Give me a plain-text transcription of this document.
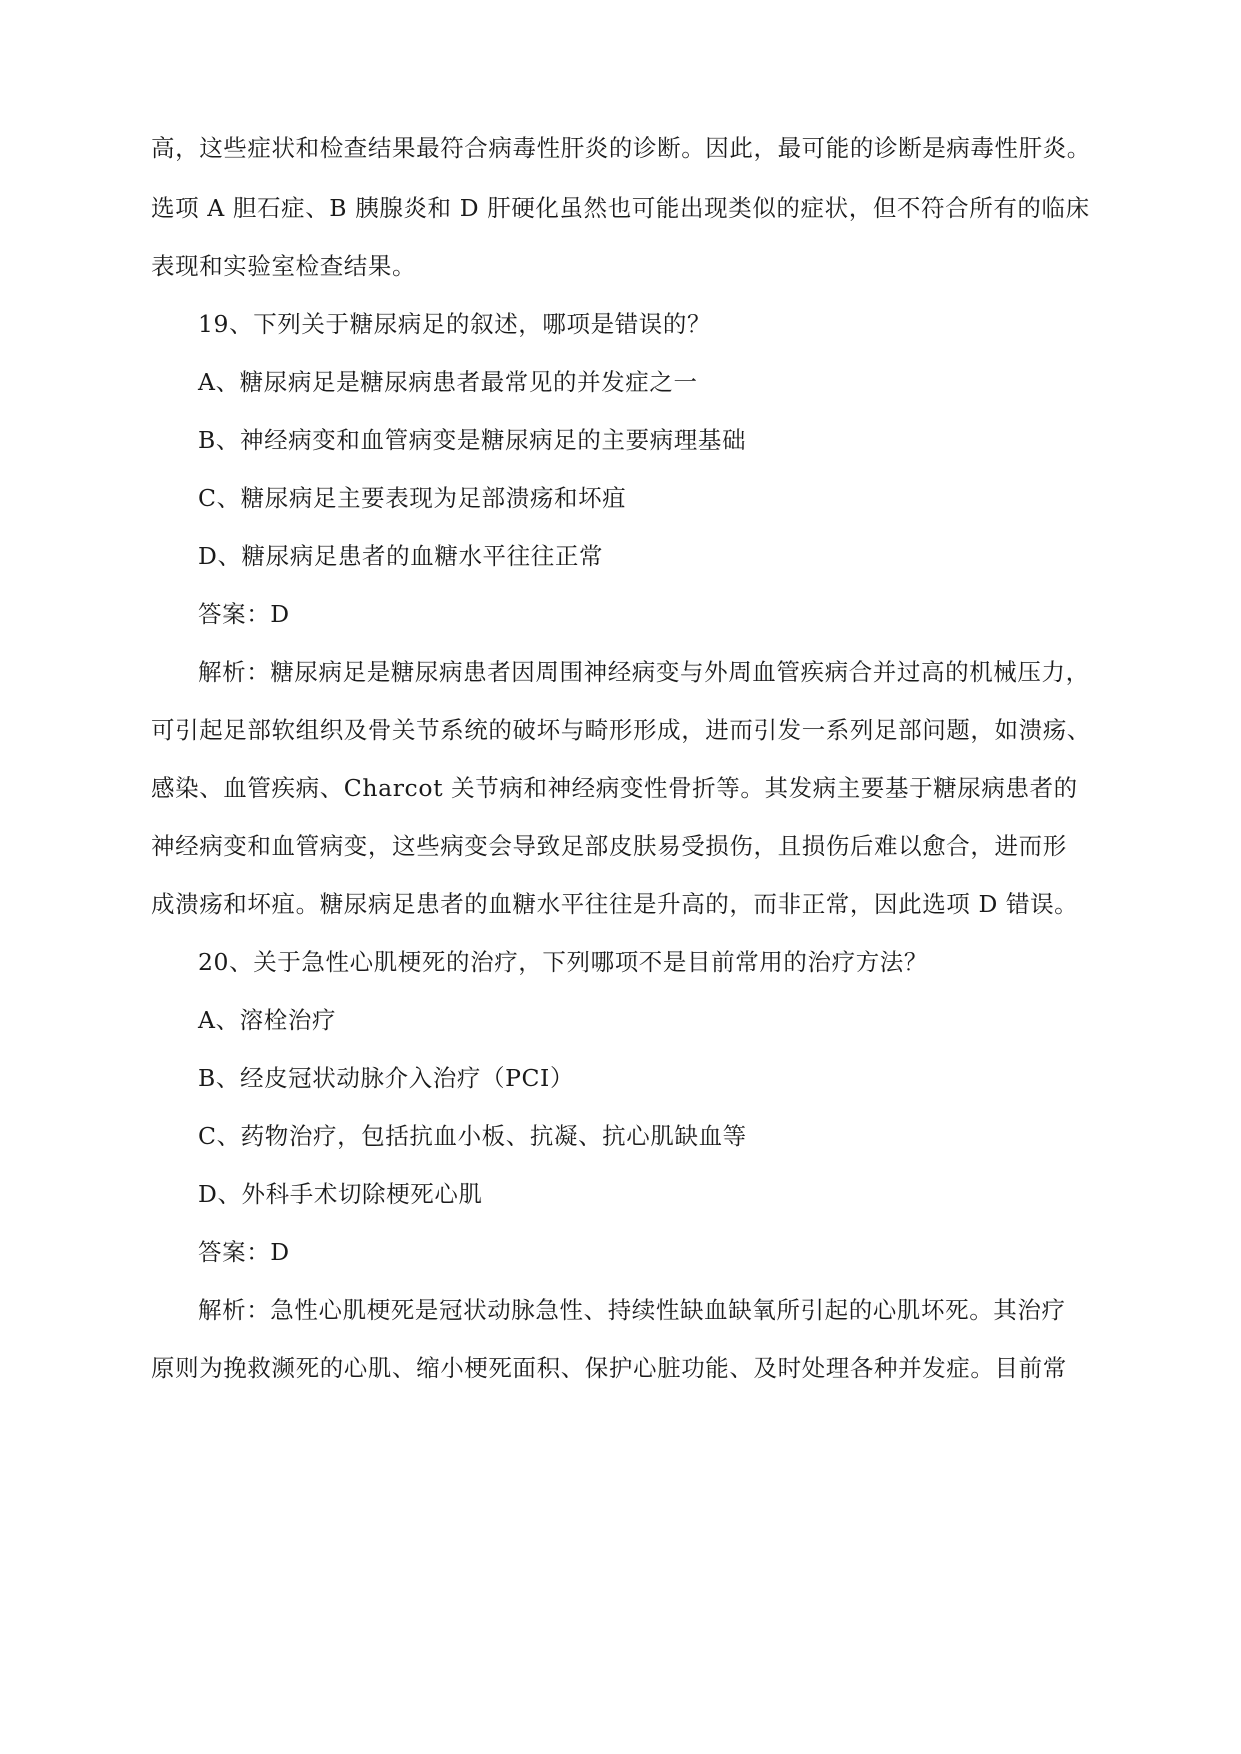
高，这些症状和检查结果最符合病毒性肝炎的诊断。因此，最可能的诊断是病毒性肝炎。
选项 A 胆石症、B 胰腺炎和 D 肝硬化虽然也可能出现类似的症状，但不符合所有的临床
表现和实验室检查结果。
19、下列关于糖尿病足的叙述，哪项是错误的？
A、糖尿病足是糖尿病患者最常见的并发症之一
B、神经病变和血管病变是糖尿病足的主要病理基础
C、糖尿病足主要表现为足部溃疡和坏疽
D、糖尿病足患者的血糖水平往往正常
答案：D
解析：糖尿病足是糖尿病患者因周围神经病变与外周血管疾病合并过高的机械压力，
可引起足部软组织及骨关节系统的破坏与畸形形成，进而引发一系列足部问题，如溃疡、
感染、血管疾病、Charcot 关节病和神经病变性骨折等。其发病主要基于糖尿病患者的
神经病变和血管病变，这些病变会导致足部皮肤易受损伤，且损伤后难以愈合，进而形
成溃疡和坏疽。糖尿病足患者的血糖水平往往是升高的，而非正常，因此选项 D 错误。
20、关于急性心肌梗死的治疗，下列哪项不是目前常用的治疗方法？
A、溶栓治疗
B、经皮冠状动脉介入治疗（PCI）
C、药物治疗，包括抗血小板、抗凝、抗心肌缺血等
D、外科手术切除梗死心肌
答案：D
解析：急性心肌梗死是冠状动脉急性、持续性缺血缺氧所引起的心肌坏死。其治疗
原则为挽救濒死的心肌、缩小梗死面积、保护心脏功能、及时处理各种并发症。目前常
